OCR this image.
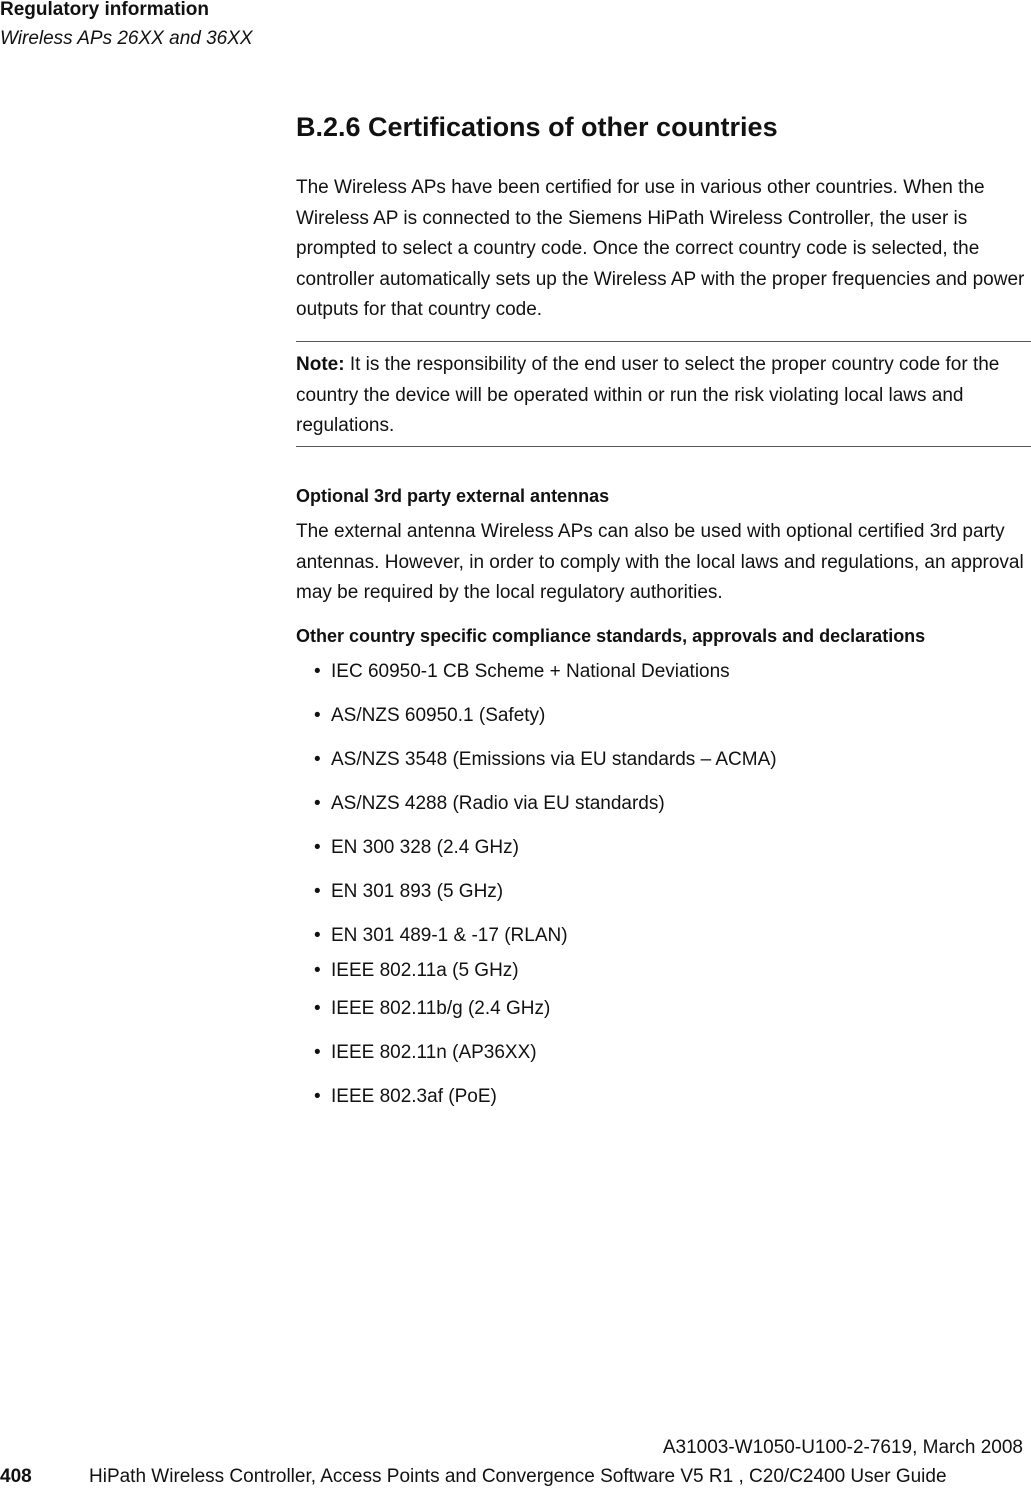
Regulatory information
Wireless APs 26XX and 36XX
B.2.6 Certifications of other countries

The Wireless APs have been certified for use in various other countries. When the Wireless AP is connected to the Siemens HiPath Wireless Controller, the user is prompted to select a country code. Once the correct country code is selected, the controller automatically sets up the Wireless AP with the proper frequencies and power outputs for that country code.

Note: It is the responsibility of the end user to select the proper country code for the country the device will be operated within or run the risk violating local laws and regulations.

Optional 3rd party external antennas

The external antenna Wireless APs can also be used with optional certified 3rd party antennas. However, in order to comply with the local laws and regulations, an approval may be required by the local regulatory authorities.

Other country specific compliance standards, approvals and declarations
• IEC 60950-1 CB Scheme + National Deviations
• AS/NZS 60950.1 (Safety)
• AS/NZS 3548 (Emissions via EU standards – ACMA)
• AS/NZS 4288 (Radio via EU standards)
• EN 300 328 (2.4 GHz)
• EN 301 893 (5 GHz)
• EN 301 489-1 & -17 (RLAN)
• IEEE 802.11a (5 GHz)
• IEEE 802.11b/g (2.4 GHz)
• IEEE 802.11n (AP36XX)
• IEEE 802.3af (PoE)
A31003-W1050-U100-2-7619, March 2008
408	HiPath Wireless Controller, Access Points and Convergence Software V5 R1 , C20/C2400 User Guide
